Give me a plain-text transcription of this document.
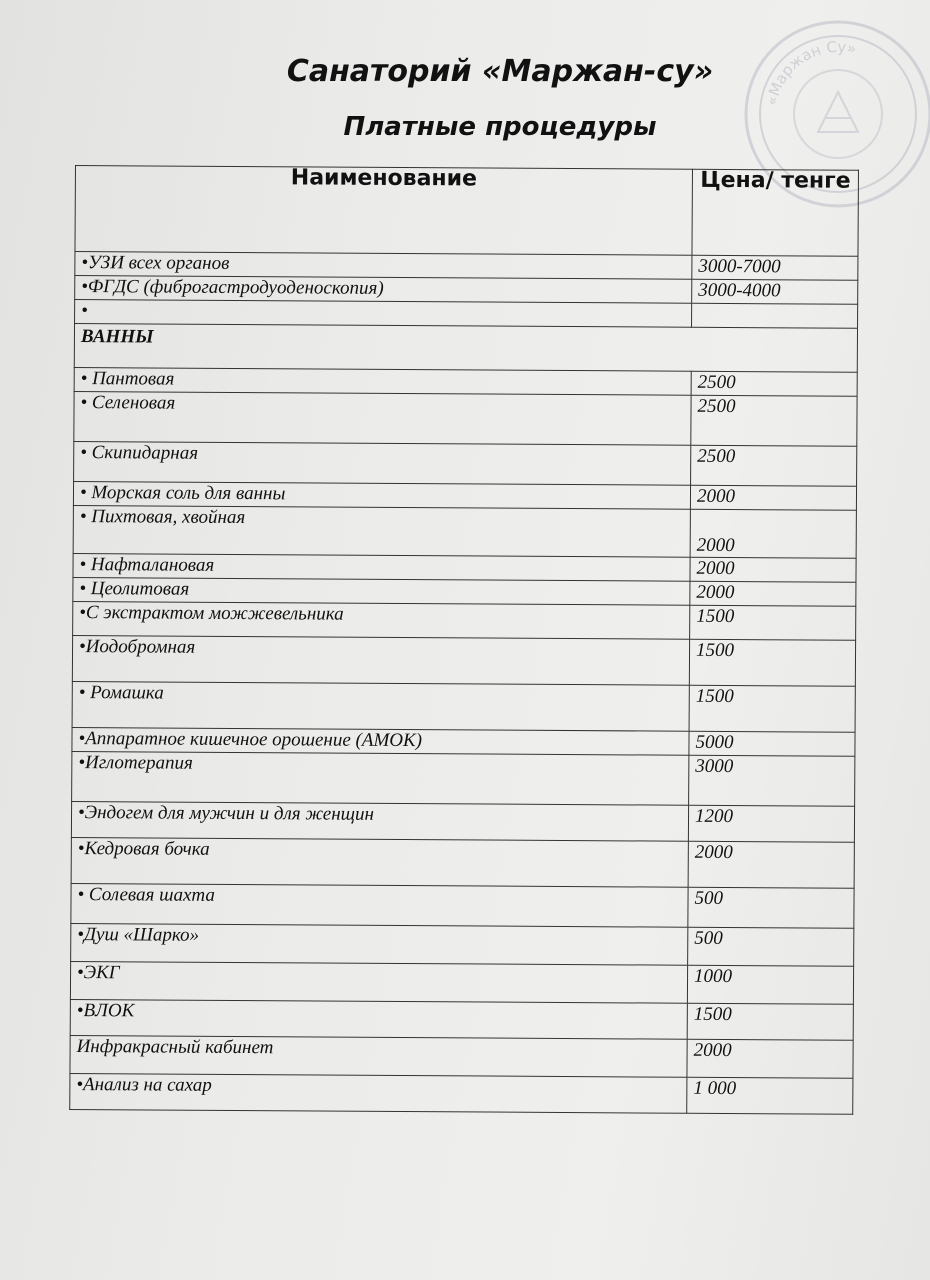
Санаторий «Маржан-су»
Платные процедуры
«Маржан Су»
Наименование	Цена/ тенге
•УЗИ всех органов	3000-7000
•ФГДС (фиброгастродуоденоскопия)	3000-4000
•	
ВАННЫ	
• Пантовая	2500
• Селеновая	2500
• Скипидарная	2500
• Морская соль для ванны	2000
• Пихтовая, хвойная	2000
• Нафталановая	2000
• Цеолитовая	2000
•С экстрактом можжевельника	1500
•Иодобромная	1500
• Ромашка	1500
•Аппаратное кишечное орошение (АМОК)	5000
•Иглотерапия	3000
•Эндогем для мужчин и для женщин	1200
•Кедровая бочка	2000
• Солевая шахта	500
•Душ «Шарко»	500
•ЭКГ	1000
•ВЛОК	1500
Инфракрасный кабинет	2000
•Анализ на сахар	1 000
